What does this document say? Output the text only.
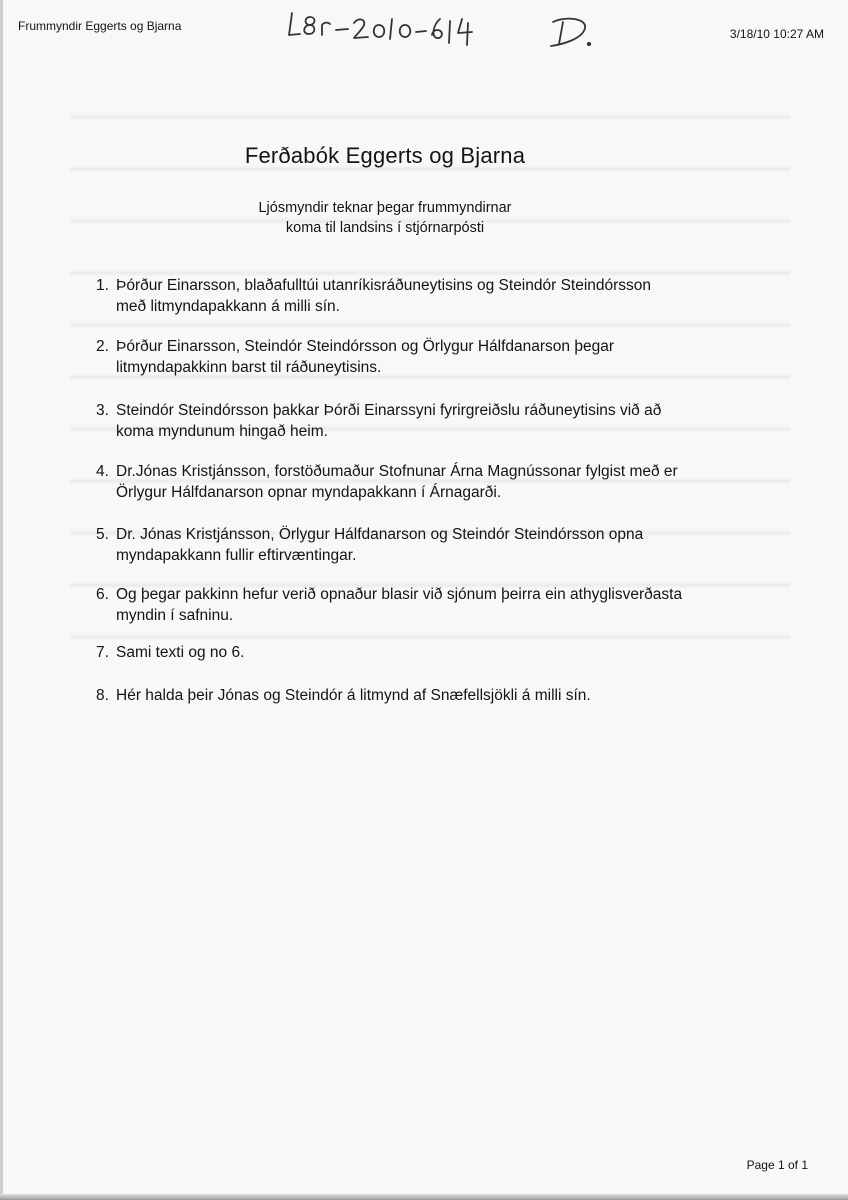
Frummyndir Eggerts og Bjarna
3/18/10 10:27 AM
Ferðabók Eggerts og Bjarna
Ljósmyndir teknar þegar frummyndirnar
koma til landsins í stjórnarpósti
1. Þórður Einarsson, blaðafulltúi utanríkisráðuneytisins og Steindór Steindórsson
með litmyndapakkann á milli sín.
2. Þórður Einarsson, Steindór Steindórsson og Örlygur Hálfdanarson þegar
litmyndapakkinn barst til ráðuneytisins.
3. Steindór Steindórsson þakkar Þórði Einarssyni fyrirgreiðslu ráðuneytisins við að
koma myndunum hingað heim.
4. Dr.Jónas Kristjánsson, forstöðumaður Stofnunar Árna Magnússonar fylgist með er
Örlygur Hálfdanarson opnar myndapakkann í Árnagarði.
5. Dr. Jónas Kristjánsson, Örlygur Hálfdanarson og Steindór Steindórsson opna
myndapakkann fullir eftirvæntingar.
6. Og þegar pakkinn hefur verið opnaður blasir við sjónum þeirra ein athyglisverðasta
myndin í safninu.
7. Sami texti og no 6.
8. Hér halda þeir Jónas og Steindór á litmynd af Snæfellsjökli á milli sín.
Page 1 of 1
